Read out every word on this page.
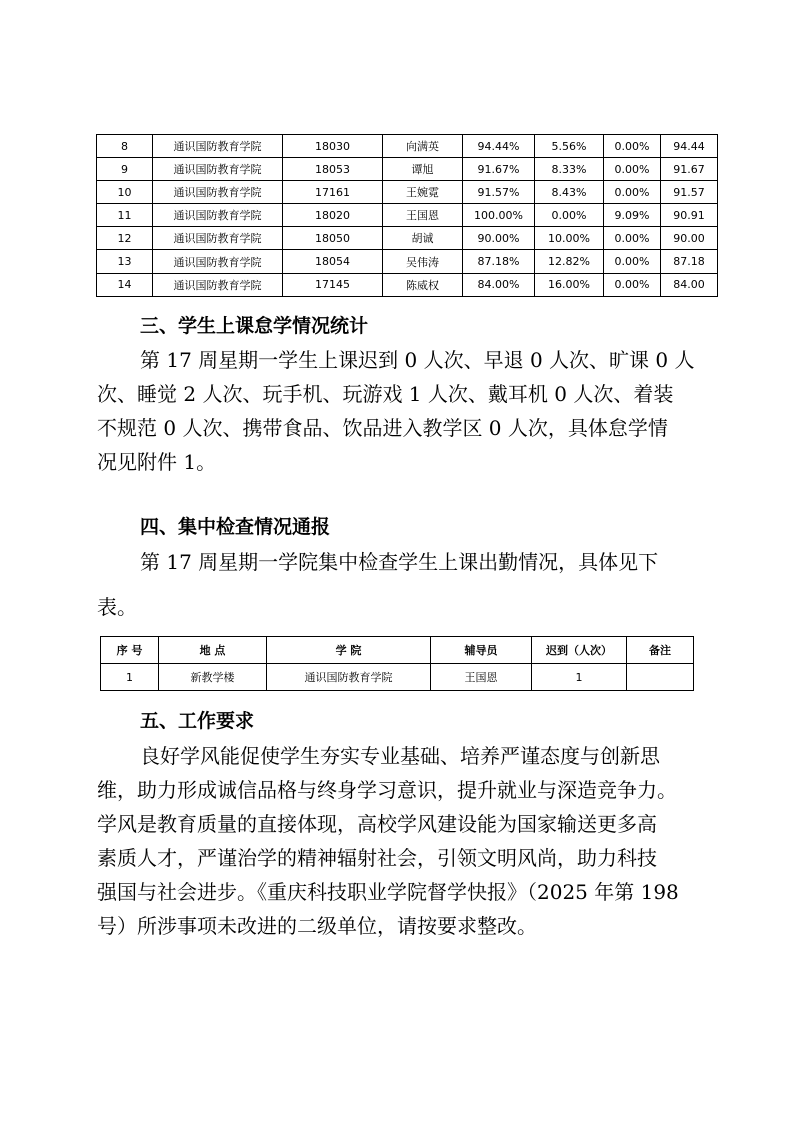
8	通识国防教育学院	18030	向满英	94.44%	5.56%	0.00%	94.44
9	通识国防教育学院	18053	谭旭	91.67%	8.33%	0.00%	91.67
10	通识国防教育学院	17161	王婉霓	91.57%	8.43%	0.00%	91.57
11	通识国防教育学院	18020	王国恩	100.00%	0.00%	9.09%	90.91
12	通识国防教育学院	18050	胡诚	90.00%	10.00%	0.00%	90.00
13	通识国防教育学院	18054	吴伟涛	87.18%	12.82%	0.00%	87.18
14	通识国防教育学院	17145	陈威权	84.00%	16.00%	0.00%	84.00
三、学生上课怠学情况统计
第 17 周星期一学生上课迟到 0 人次、早退 0 人次、旷课 0 人
次、睡觉 2 人次、玩手机、玩游戏 1 人次、戴耳机 0 人次、着装
不规范 0 人次、携带食品、饮品进入教学区 0 人次，具体怠学情
况见附件 1。
四、集中检查情况通报
第 17 周星期一学院集中检查学生上课出勤情况，具体见下
表。
序 号	地 点	学 院	辅导员	迟到（人次）	备注
1	新教学楼	通识国防教育学院	王国恩	1	
五、工作要求
良好学风能促使学生夯实专业基础、培养严谨态度与创新思
维，助力形成诚信品格与终身学习意识，提升就业与深造竞争力。
学风是教育质量的直接体现，高校学风建设能为国家输送更多高
素质人才，严谨治学的精神辐射社会，引领文明风尚，助力科技
强国与社会进步。《重庆科技职业学院督学快报》（2025 年第 198
号）所涉事项未改进的二级单位，请按要求整改。
